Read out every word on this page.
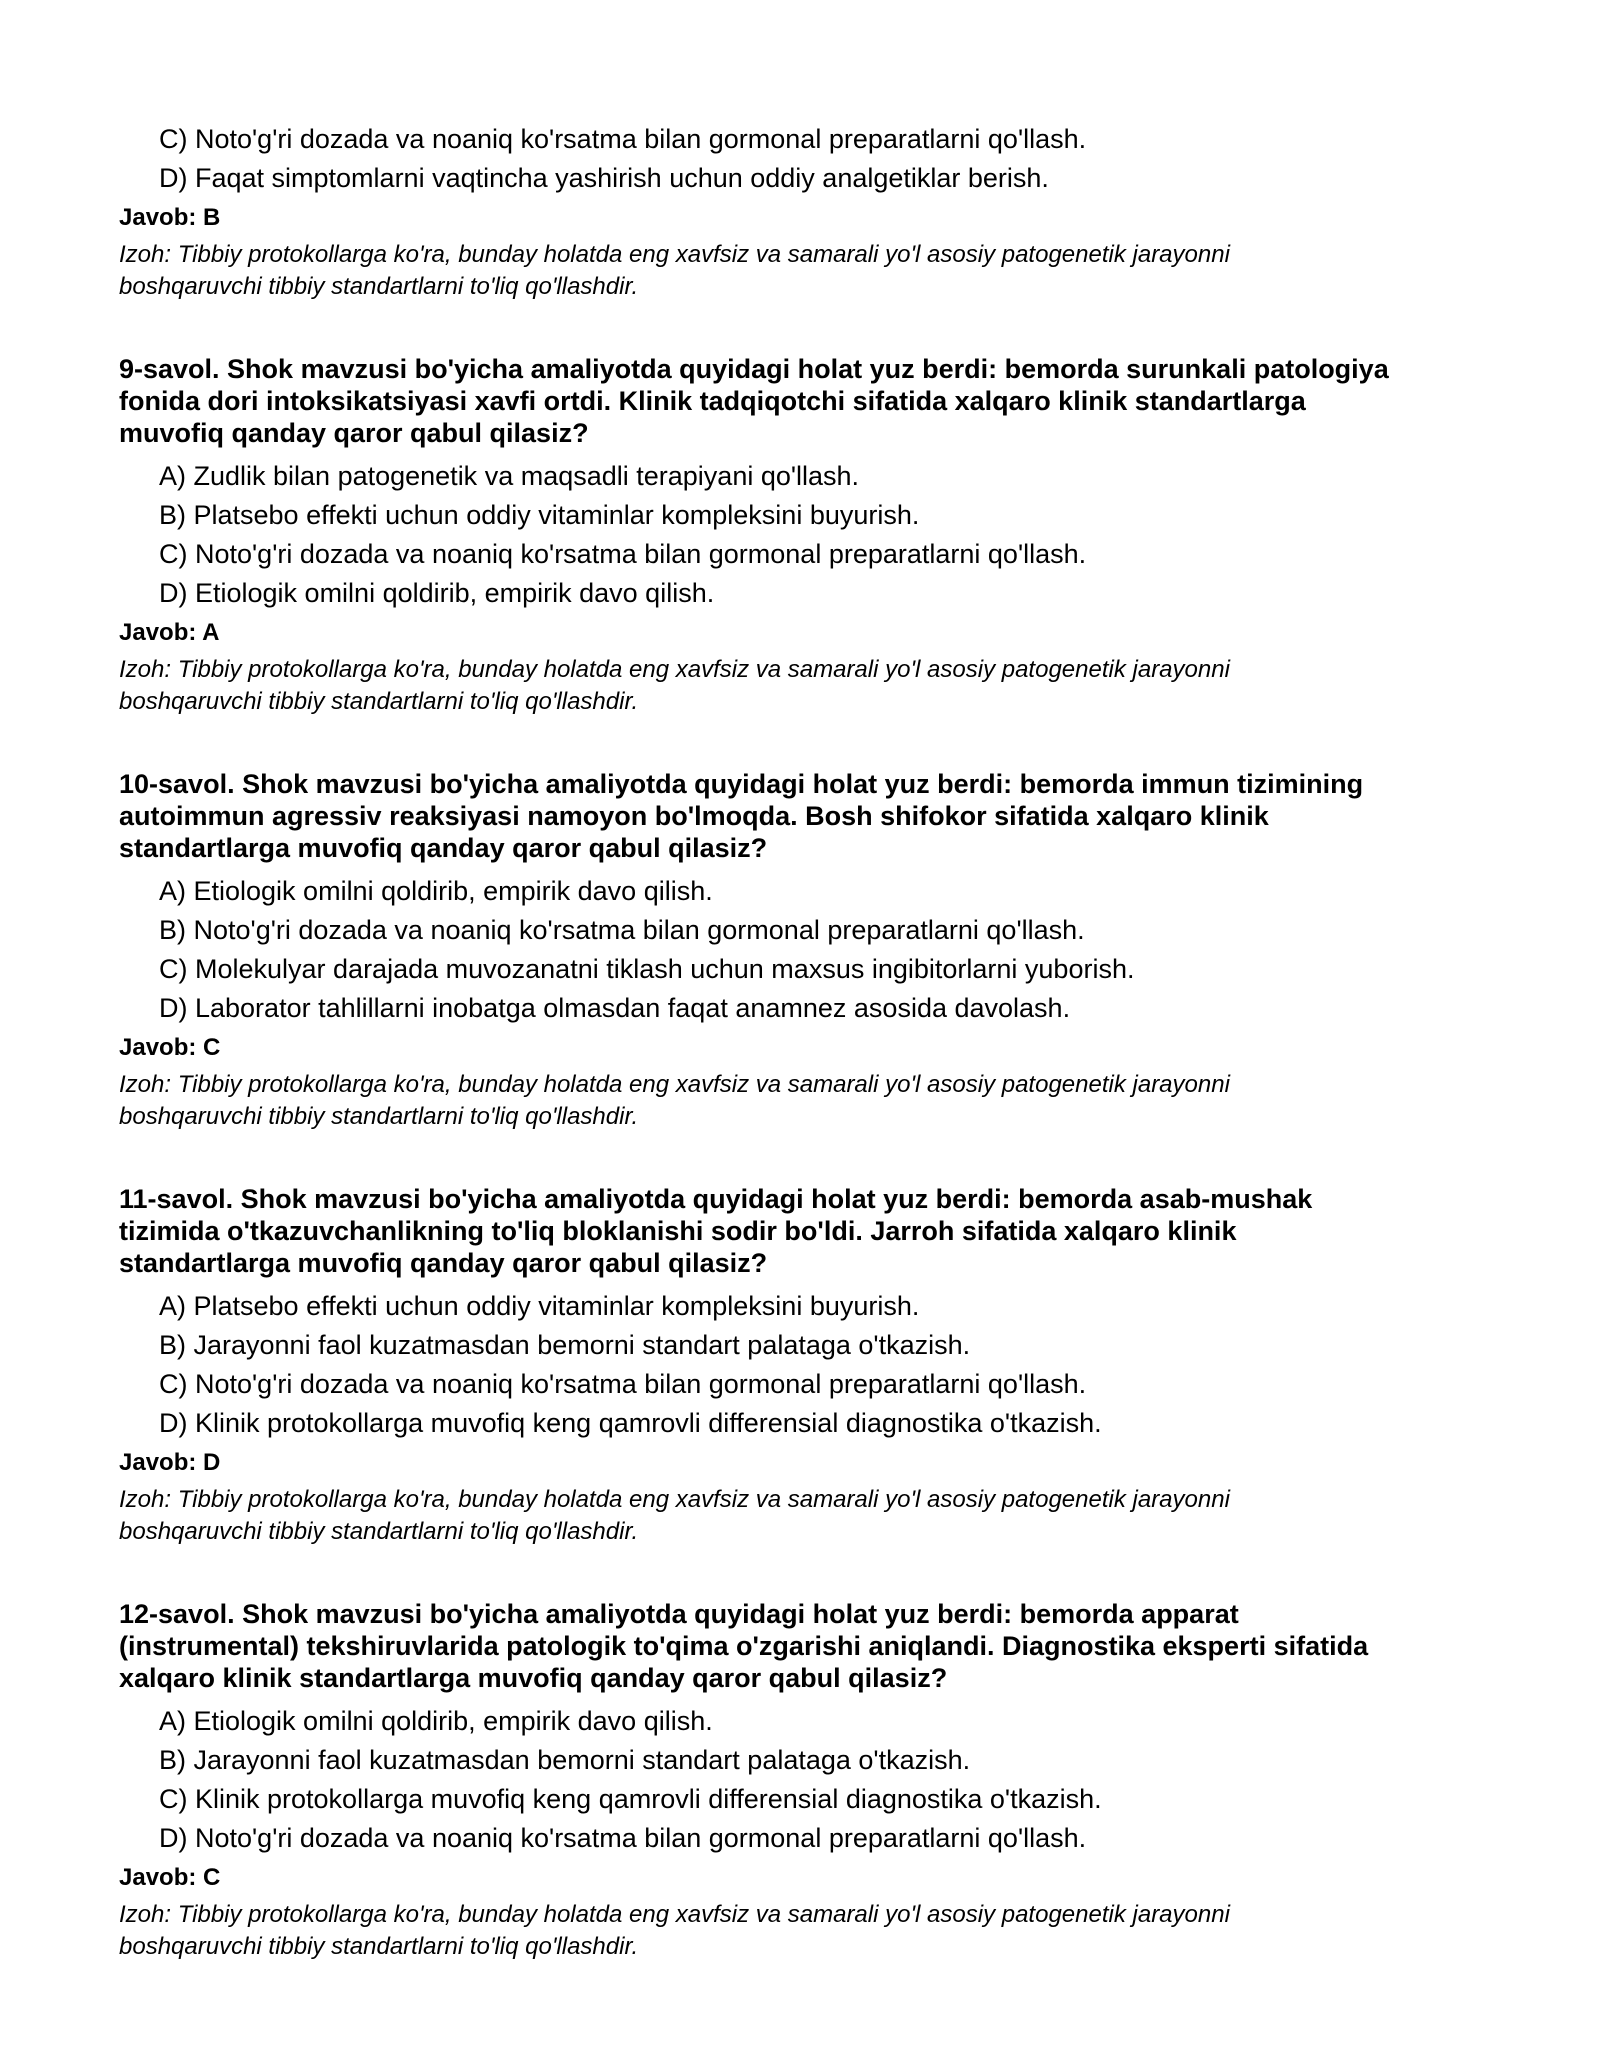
C) Noto'g'ri dozada va noaniq ko'rsatma bilan gormonal preparatlarni qo'llash.
D) Faqat simptomlarni vaqtincha yashirish uchun oddiy analgetiklar berish.
Javob: B
Izoh: Tibbiy protokollarga ko'ra, bunday holatda eng xavfsiz va samarali yo'l asosiy patogenetik jarayonni
boshqaruvchi tibbiy standartlarni to'liq qo'llashdir.
9-savol. Shok mavzusi bo'yicha amaliyotda quyidagi holat yuz berdi: bemorda surunkali patologiya
fonida dori intoksikatsiyasi xavfi ortdi. Klinik tadqiqotchi sifatida xalqaro klinik standartlarga
muvofiq qanday qaror qabul qilasiz?
A) Zudlik bilan patogenetik va maqsadli terapiyani qo'llash.
B) Platsebo effekti uchun oddiy vitaminlar kompleksini buyurish.
C) Noto'g'ri dozada va noaniq ko'rsatma bilan gormonal preparatlarni qo'llash.
D) Etiologik omilni qoldirib, empirik davo qilish.
Javob: A
Izoh: Tibbiy protokollarga ko'ra, bunday holatda eng xavfsiz va samarali yo'l asosiy patogenetik jarayonni
boshqaruvchi tibbiy standartlarni to'liq qo'llashdir.
10-savol. Shok mavzusi bo'yicha amaliyotda quyidagi holat yuz berdi: bemorda immun tizimining
autoimmun agressiv reaksiyasi namoyon bo'lmoqda. Bosh shifokor sifatida xalqaro klinik
standartlarga muvofiq qanday qaror qabul qilasiz?
A) Etiologik omilni qoldirib, empirik davo qilish.
B) Noto'g'ri dozada va noaniq ko'rsatma bilan gormonal preparatlarni qo'llash.
C) Molekulyar darajada muvozanatni tiklash uchun maxsus ingibitorlarni yuborish.
D) Laborator tahlillarni inobatga olmasdan faqat anamnez asosida davolash.
Javob: C
Izoh: Tibbiy protokollarga ko'ra, bunday holatda eng xavfsiz va samarali yo'l asosiy patogenetik jarayonni
boshqaruvchi tibbiy standartlarni to'liq qo'llashdir.
11-savol. Shok mavzusi bo'yicha amaliyotda quyidagi holat yuz berdi: bemorda asab-mushak
tizimida o'tkazuvchanlikning to'liq bloklanishi sodir bo'ldi. Jarroh sifatida xalqaro klinik
standartlarga muvofiq qanday qaror qabul qilasiz?
A) Platsebo effekti uchun oddiy vitaminlar kompleksini buyurish.
B) Jarayonni faol kuzatmasdan bemorni standart palataga o'tkazish.
C) Noto'g'ri dozada va noaniq ko'rsatma bilan gormonal preparatlarni qo'llash.
D) Klinik protokollarga muvofiq keng qamrovli differensial diagnostika o'tkazish.
Javob: D
Izoh: Tibbiy protokollarga ko'ra, bunday holatda eng xavfsiz va samarali yo'l asosiy patogenetik jarayonni
boshqaruvchi tibbiy standartlarni to'liq qo'llashdir.
12-savol. Shok mavzusi bo'yicha amaliyotda quyidagi holat yuz berdi: bemorda apparat
(instrumental) tekshiruvlarida patologik to'qima o'zgarishi aniqlandi. Diagnostika eksperti sifatida
xalqaro klinik standartlarga muvofiq qanday qaror qabul qilasiz?
A) Etiologik omilni qoldirib, empirik davo qilish.
B) Jarayonni faol kuzatmasdan bemorni standart palataga o'tkazish.
C) Klinik protokollarga muvofiq keng qamrovli differensial diagnostika o'tkazish.
D) Noto'g'ri dozada va noaniq ko'rsatma bilan gormonal preparatlarni qo'llash.
Javob: C
Izoh: Tibbiy protokollarga ko'ra, bunday holatda eng xavfsiz va samarali yo'l asosiy patogenetik jarayonni
boshqaruvchi tibbiy standartlarni to'liq qo'llashdir.
